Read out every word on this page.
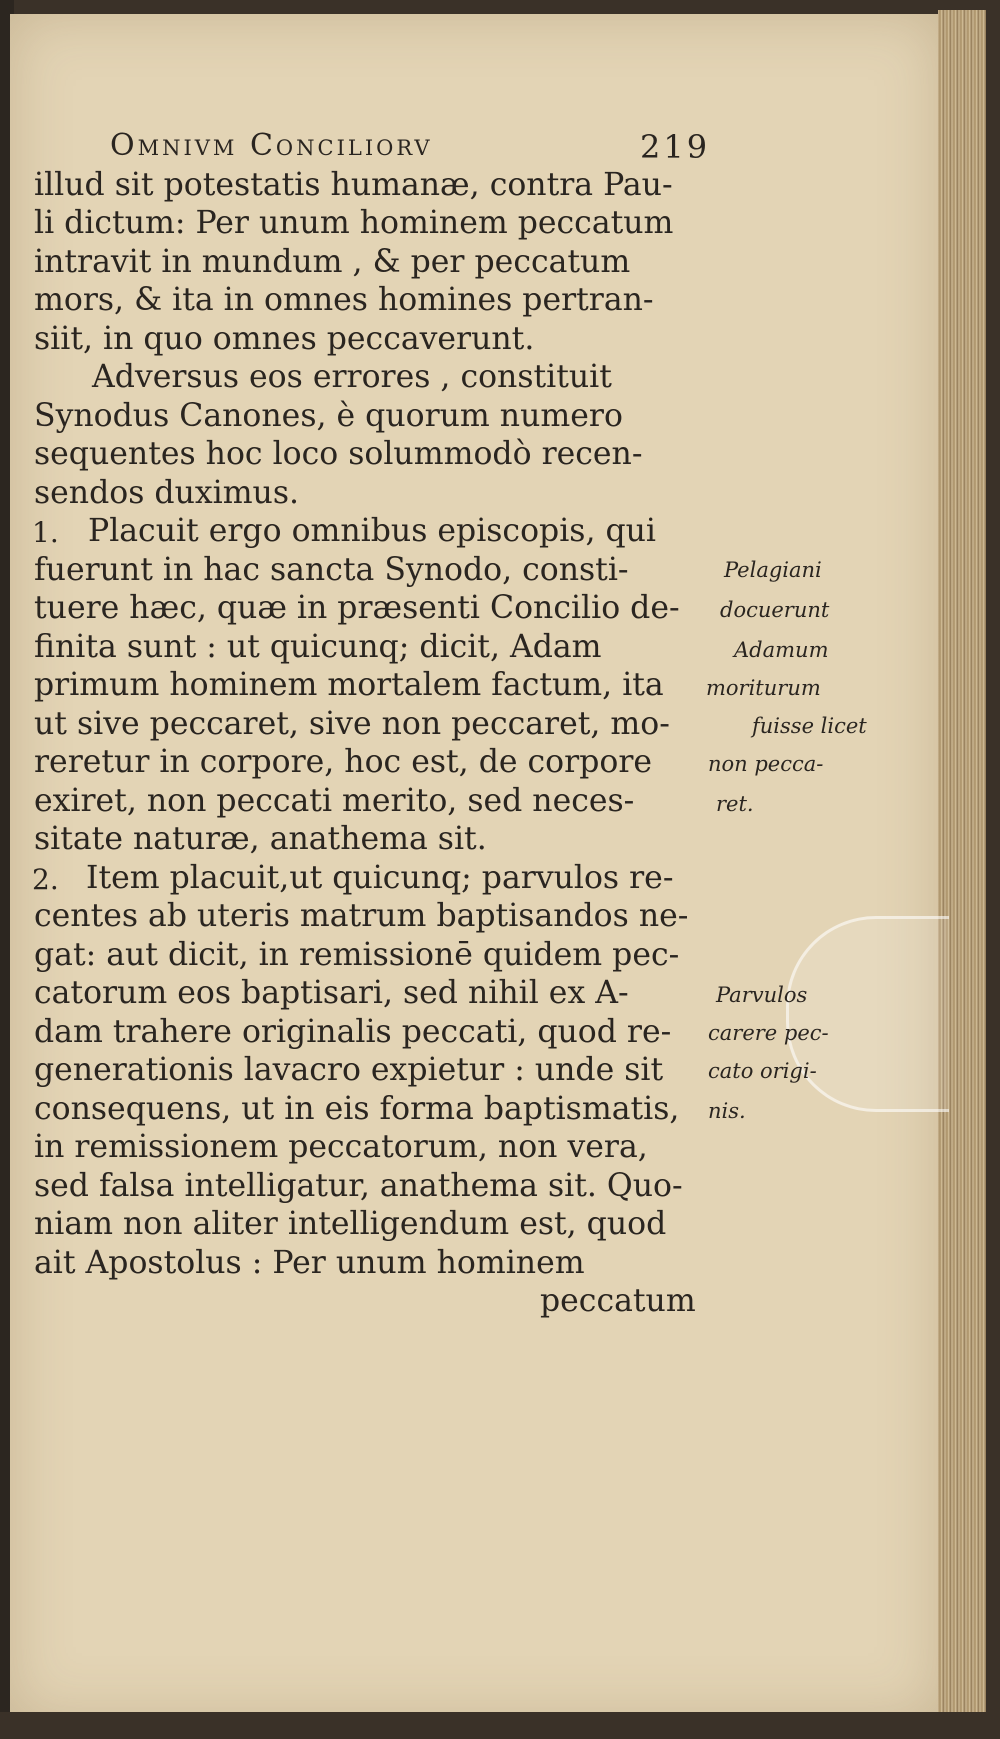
Omnivm Conciliorv	219
illud sit potestatis humanæ, contra Pau-
li dictum: Per unum hominem peccatum
intravit in mundum , & per peccatum
mors, & ita in omnes homines pertran-
siit, in quo omnes peccaverunt.
Adversus eos errores , constituit
Synodus Canones, è quorum numero
sequentes hoc loco solummodò recen-
sendos duximus.
1. Placuit ergo omnibus episcopis, qui
fuerunt in hac sancta Synodo, consti-
tuere hæc, quæ in præsenti Concilio de-
finita sunt : ut quicunq; dicit, Adam
primum hominem mortalem factum, ita
ut sive peccaret, sive non peccaret, mo-
reretur in corpore, hoc est, de corpore
exiret, non peccati merito, sed neces-
sitate naturæ, anathema sit.
2. Item placuit,ut quicunq; parvulos re-
centes ab uteris matrum baptisandos ne-
gat: aut dicit, in remissionē quidem pec-
catorum eos baptisari, sed nihil ex A-
dam trahere originalis peccati, quod re-
generationis lavacro expietur : unde sit
consequens, ut in eis forma baptismatis,
in remissionem peccatorum, non vera,
sed falsa intelligatur, anathema sit. Quo-
niam non aliter intelligendum est, quod
ait Apostolus : Per unum hominem
peccatum
Pelagiani
docuerunt
Adamum
moriturum
fuisse licet
non pecca-
ret.
Parvulos
carere pec-
cato origi-
nis.
